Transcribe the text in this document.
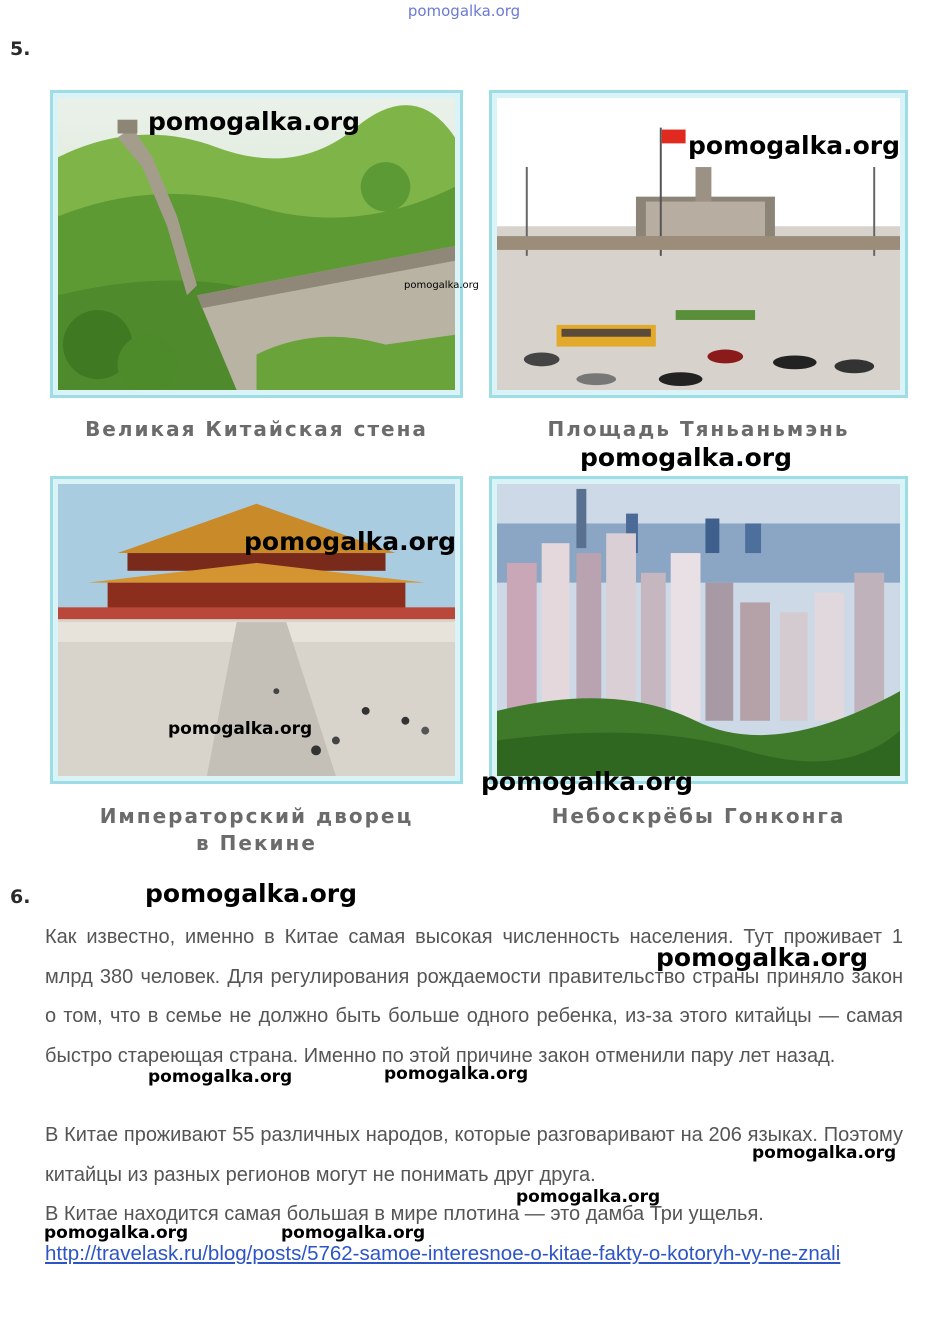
pomogalka.org
5.
Великая Китайская стена	Площадь Тяньаньмэнь
Императорский дворец
в Пекине
Небоскрёбы Гонконга
6.
Как известно, именно в Китае самая высокая численность населения. Тут проживает 1 млрд 380 человек. Для регулирования рождаемости правительство страны приняло закон о том, что в семье не должно быть больше одного ребенка, из-за этого китайцы — самая быстро стареющая страна. Именно по этой причине закон отменили пару лет назад.
В Китае проживают 55 различных народов, которые разговаривают на 206 языках. Поэтому китайцы из разных регионов могут не понимать друг друга.
В Китае находится самая большая в мире плотина — это дамба Три ущелья.
http://travelask.ru/blog/posts/5762-samoe-interesnoe-o-kitae-fakty-o-kotoryh-vy-ne-znali
pomogalka.org
pomogalka.org
pomogalka.org
pomogalka.org
pomogalka.org
pomogalka.org
pomogalka.org
pomogalka.org
pomogalka.org
pomogalka.org	pomogalka.org
pomogalka.org
pomogalka.org
pomogalka.org	pomogalka.org
